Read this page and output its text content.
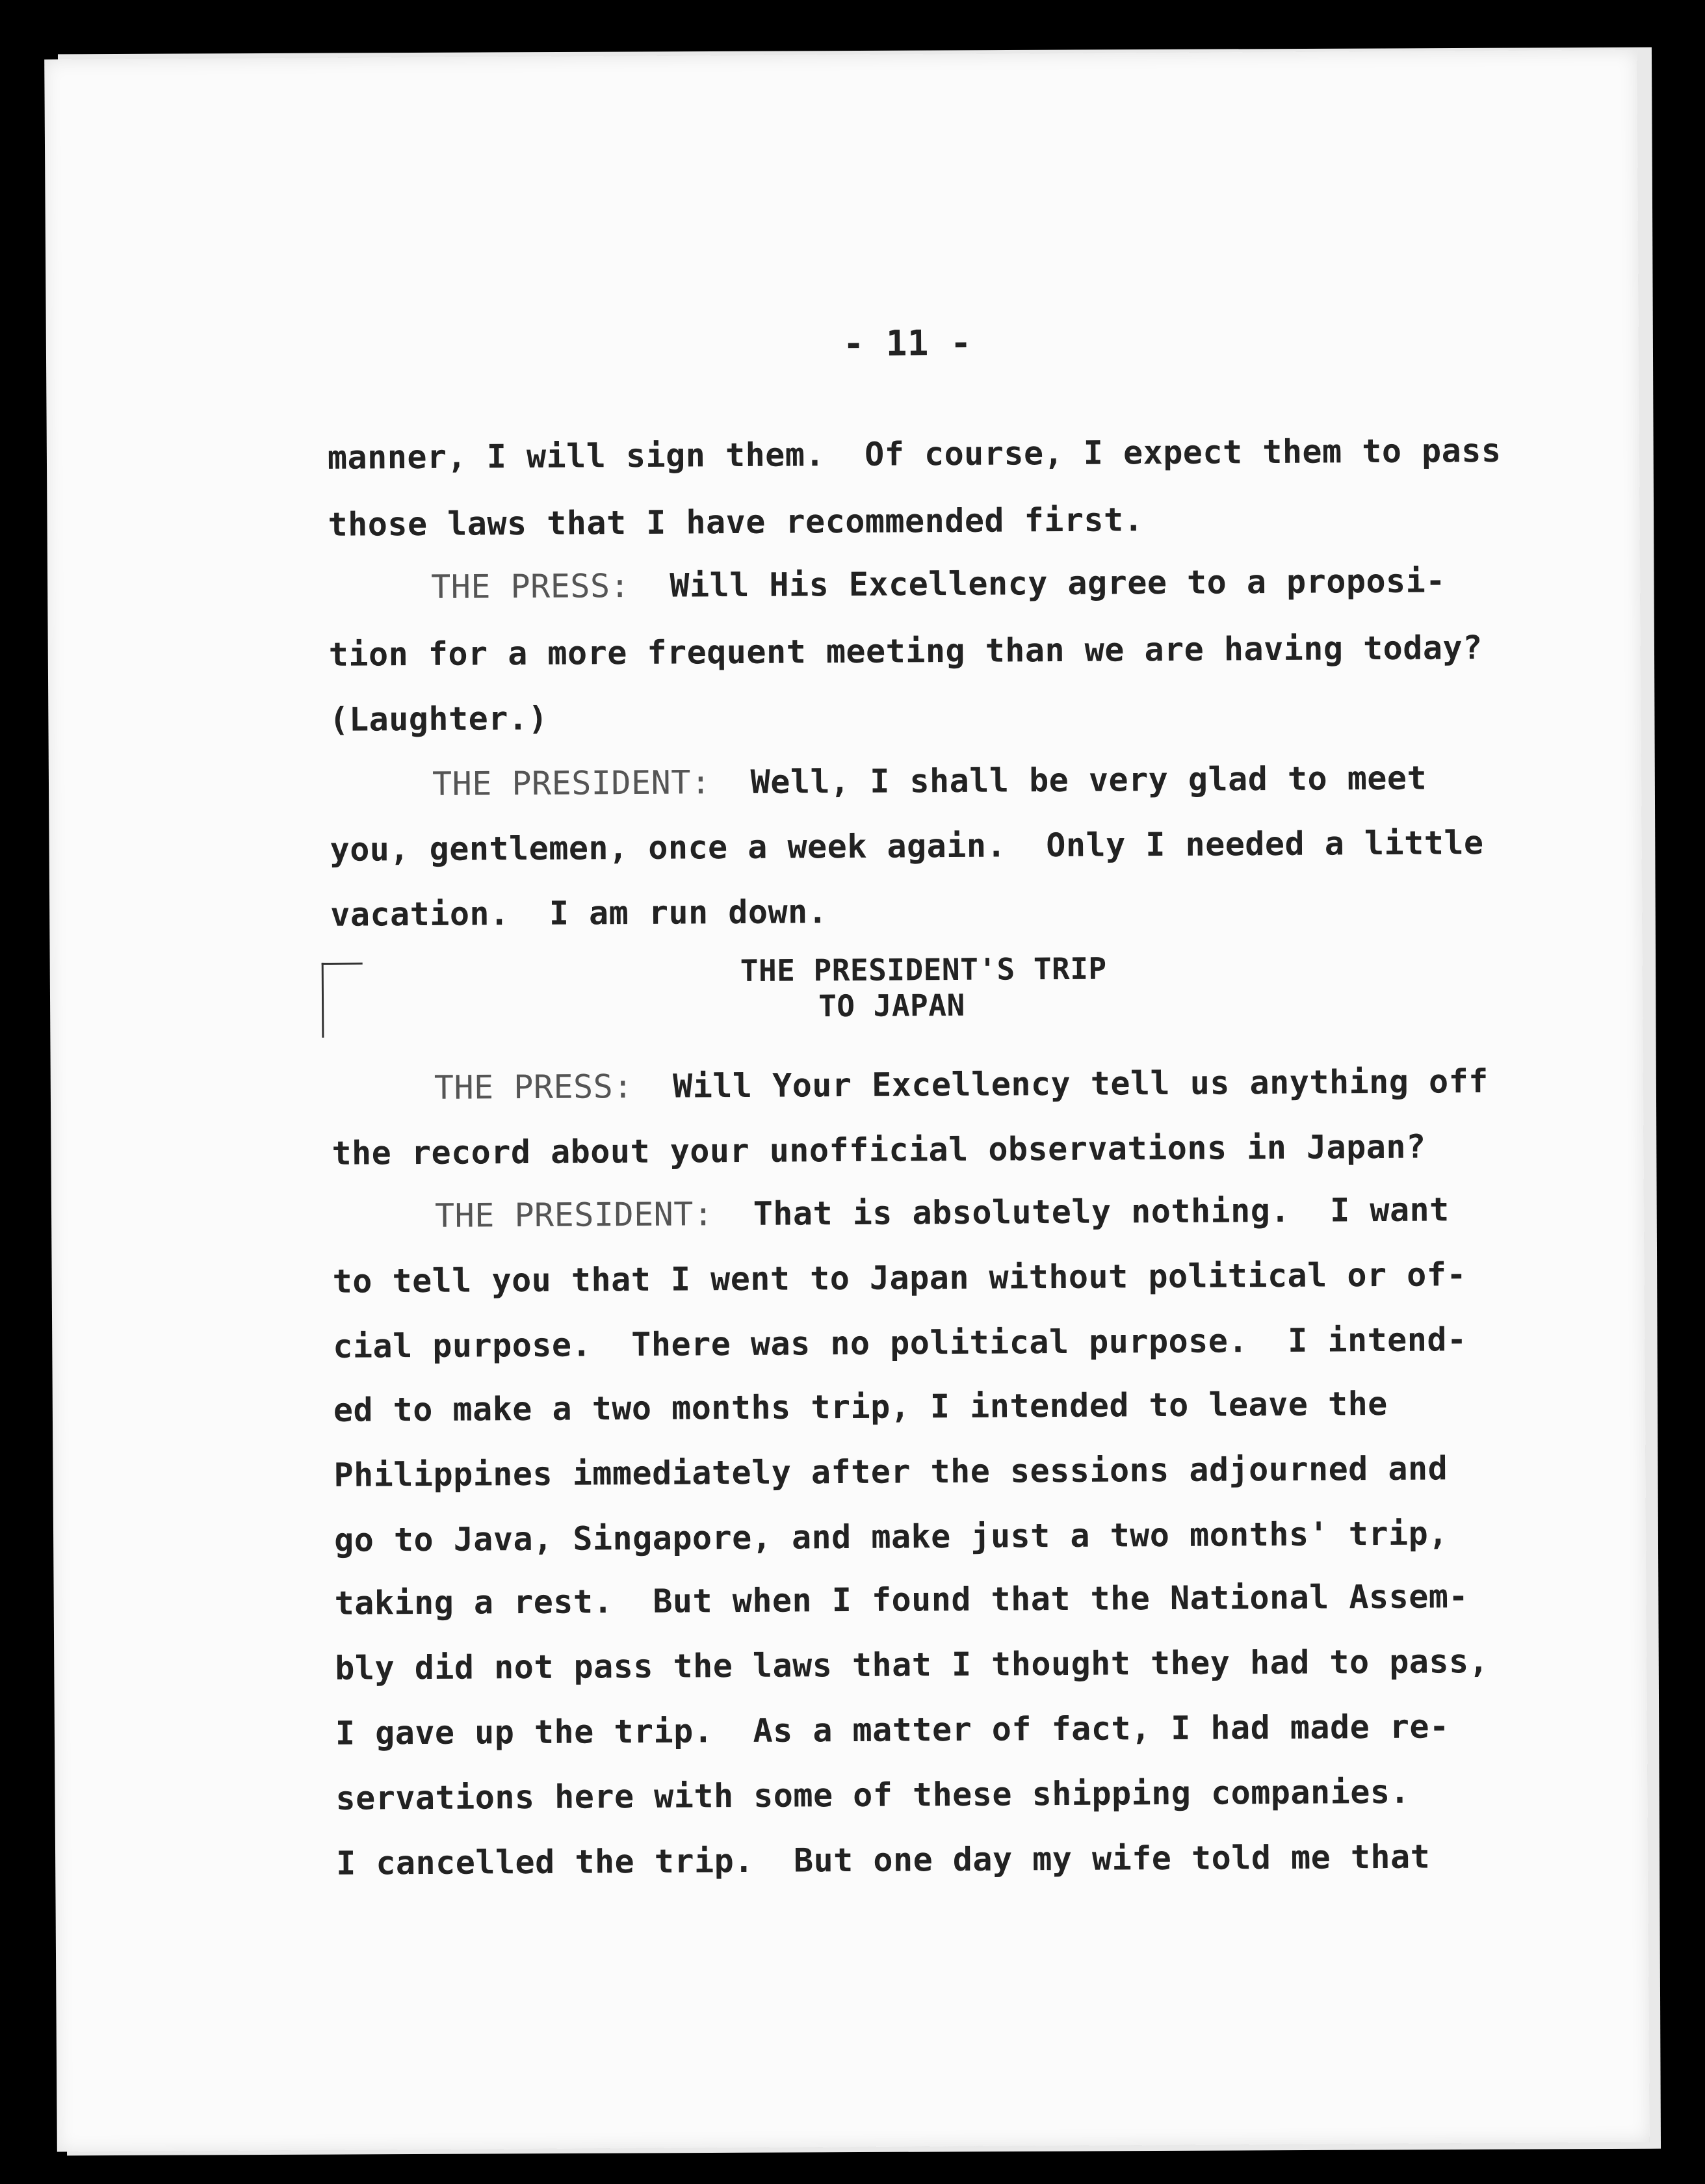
- 11 -
manner, I will sign them.  Of course, I expect them to pass
those laws that I have recommended first.
THE PRESS: Will His Excellency agree to a proposi-
tion for a more frequent meeting than we are having today?
(Laughter.)
THE PRESIDENT: Well, I shall be very glad to meet
you, gentlemen, once a week again.  Only I needed a little
vacation.  I am run down.
THE PRESIDENT'S TRIP
TO JAPAN
THE PRESS: Will Your Excellency tell us anything off
the record about your unofficial observations in Japan?
THE PRESIDENT: That is absolutely nothing.  I want
to tell you that I went to Japan without political or of-
cial purpose.  There was no political purpose.  I intend-
ed to make a two months trip, I intended to leave the
Philippines immediately after the sessions adjourned and
go to Java, Singapore, and make just a two months' trip,
taking a rest.  But when I found that the National Assem-
bly did not pass the laws that I thought they had to pass,
I gave up the trip.  As a matter of fact, I had made re-
servations here with some of these shipping companies.
I cancelled the trip.  But one day my wife told me that
